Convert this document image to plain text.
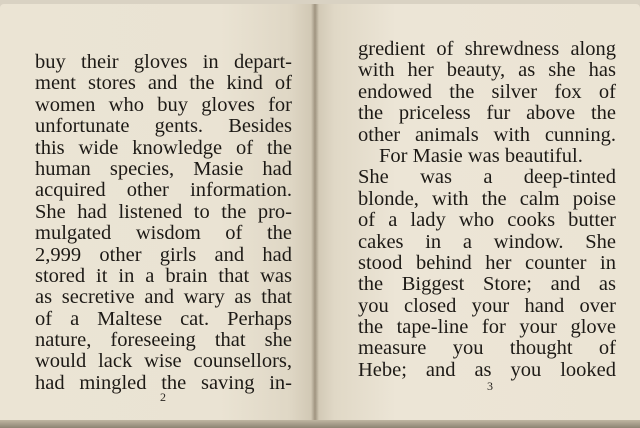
buy their gloves in depart-
ment stores and the kind of
women who buy gloves for
unfortunate gents. Besides
this wide knowledge of the
human species, Masie had
acquired other information.
She had listened to the pro-
mulgated wisdom of the
2,999 other girls and had
stored it in a brain that was
as secretive and wary as that
of a Maltese cat. Perhaps
nature, foreseeing that she
would lack wise counsellors,
had mingled the saving in-
2
gredient of shrewdness along
with her beauty, as she has
endowed the silver fox of
the priceless fur above the
other animals with cunning.
For Masie was beautiful.
She was a deep-tinted
blonde, with the calm poise
of a lady who cooks butter
cakes in a window. She
stood behind her counter in
the Biggest Store; and as
you closed your hand over
the tape-line for your glove
measure you thought of
Hebe; and as you looked
3
